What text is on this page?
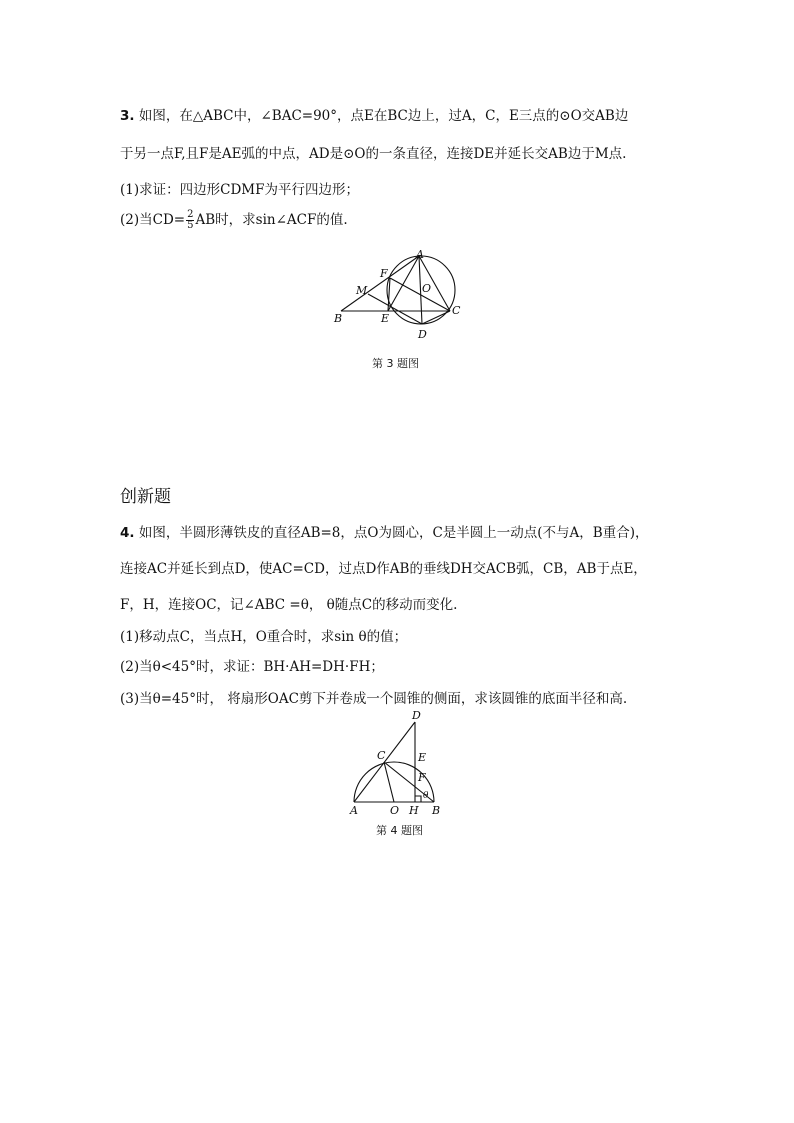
3. 如图，在△ABC中，∠BAC=90°，点E在BC边上，过A，C，E三点的⊙O交AB边
于另一点F,且F是AE弧的中点，AD是⊙O的一条直径，连接DE并延长交AB边于M点.
(1)求证：四边形CDMF为平行四边形；
(2)当$CD= \frac{2}{5}$ AB时，求sin∠ACF的值.
A
F
M	O
B	E
D
C
第 3 题图
创新题
4. 如图，半圆形薄铁皮的直径AB=8，点O为圆心，C是半圆上一动点(不与A，B重合)，
连接AC并延长到点D，使AC=CD，过点D作AB的垂线DH交ACB弧，CB，AB于点E，
F，H，连接OC，记∠ABC =θ， θ随点C的移动而变化.
(1)移动点C，当点H，O重合时，求sin θ的值；
(2)当θ<45°时，求证：BH·AH=DH·FH；
(3)当θ=45°时， 将扇形OAC剪下并卷成一个圆锥的侧面，求该圆锥的底面半径和高.
D
C	E
F
θ
A	O H B
第 4 题图
